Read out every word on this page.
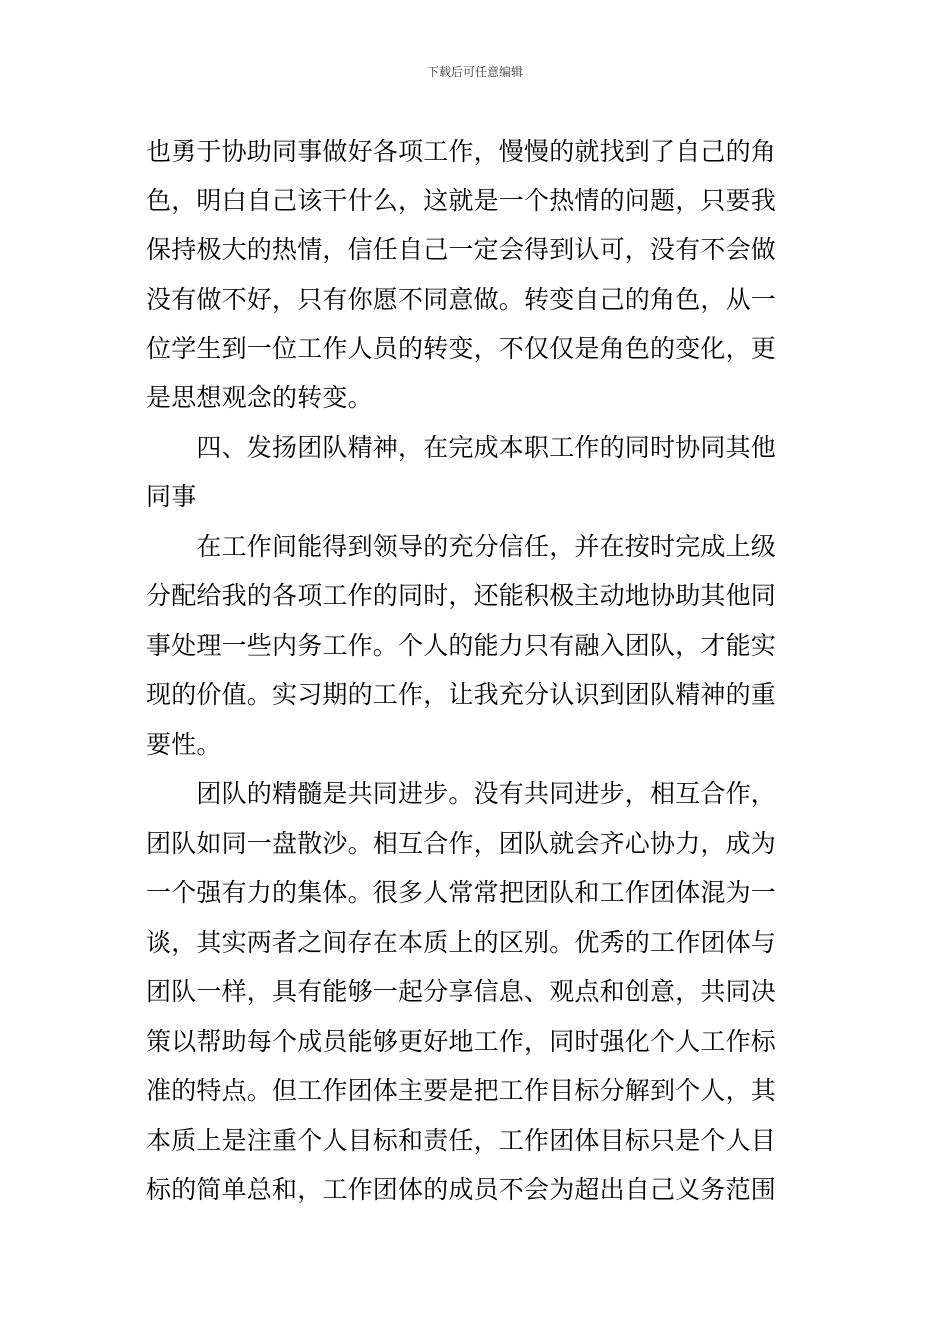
下载后可任意编辑
也勇于协助同事做好各项工作，慢慢的就找到了自己的角
色，明白自己该干什么，这就是一个热情的问题，只要我
保持极大的热情，信任自己一定会得到认可，没有不会做
没有做不好，只有你愿不同意做。转变自己的角色，从一
位学生到一位工作人员的转变，不仅仅是角色的变化，更
是思想观念的转变。
　　四、发扬团队精神，在完成本职工作的同时协同其他
同事
　　在工作间能得到领导的充分信任，并在按时完成上级
分配给我的各项工作的同时，还能积极主动地协助其他同
事处理一些内务工作。个人的能力只有融入团队，才能实
现的价值。实习期的工作，让我充分认识到团队精神的重
要性。
　　团队的精髓是共同进步。没有共同进步，相互合作，
团队如同一盘散沙。相互合作，团队就会齐心协力，成为
一个强有力的集体。很多人常常把团队和工作团体混为一
谈，其实两者之间存在本质上的区别。优秀的工作团体与
团队一样，具有能够一起分享信息、观点和创意，共同决
策以帮助每个成员能够更好地工作，同时强化个人工作标
准的特点。但工作团体主要是把工作目标分解到个人，其
本质上是注重个人目标和责任，工作团体目标只是个人目
标的简单总和，工作团体的成员不会为超出自己义务范围
